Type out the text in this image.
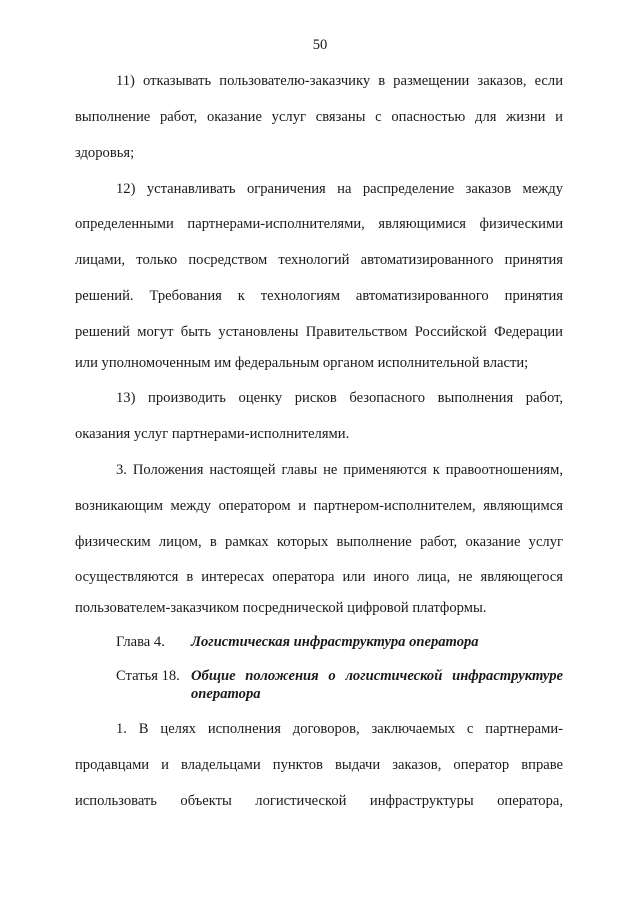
50
11) отказывать пользователю-заказчику в размещении заказов, если
выполнение работ, оказание услуг связаны с опасностью для жизни и
здоровья;
12) устанавливать ограничения на распределение заказов между
определенными партнерами-исполнителями, являющимися физическими
лицами, только посредством технологий автоматизированного принятия
решений. Требования к технологиям автоматизированного принятия
решений могут быть установлены Правительством Российской Федерации
или уполномоченным им федеральным органом исполнительной власти;
13) производить оценку рисков безопасного выполнения работ,
оказания услуг партнерами-исполнителями.
3. Положения настоящей главы не применяются к правоотношениям,
возникающим между оператором и партнером-исполнителем, являющимся
физическим лицом, в рамках которых выполнение работ, оказание услуг
осуществляются в интересах оператора или иного лица, не являющегося
пользователем-заказчиком посреднической цифровой платформы.
Глава 4. Логистическая инфраструктура оператора
Статья 18. Общие положения о логистической инфраструктуре
оператора
1. В целях исполнения договоров, заключаемых с партнерами-
продавцами и владельцами пунктов выдачи заказов, оператор вправе
использовать объекты логистической инфраструктуры оператора,
